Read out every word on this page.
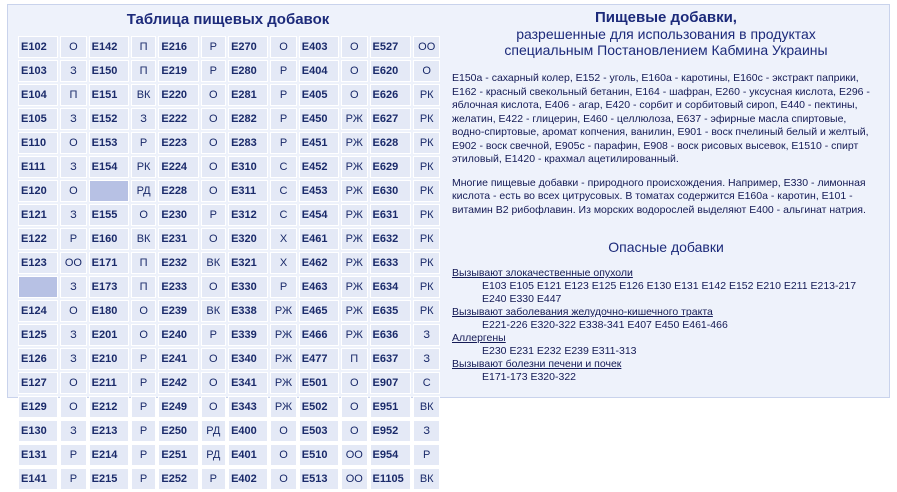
Таблица пищевых добавок
E102	O	E142	П	E216	Р	E270	O	E403	O	E527	OO
E103	З	E150	П	E219	Р	E280	Р	E404	O	E620	O
E104	П	E151	ВК	E220	O	E281	Р	E405	O	E626	РК
E105	З	E152	З	E222	O	E282	Р	E450	РЖ	E627	РК
E110	O	E153	Р	E223	O	E283	Р	E451	РЖ	E628	РК
E111	З	E154	РК	E224	O	E310	С	E452	РЖ	E629	РК
E120	O		РД	E228	O	E311	С	E453	РЖ	E630	РК
E121	З	E155	O	E230	Р	E312	С	E454	РЖ	E631	РК
E122	Р	E160	ВК	E231	O	E320	Х	E461	РЖ	E632	РК
E123	OO	E171	П	E232	ВК	E321	Х	E462	РЖ	E633	РК
	З	E173	П	E233	O	E330	Р	E463	РЖ	E634	РК
E124	O	E180	O	E239	ВК	E338	РЖ	E465	РЖ	E635	РК
E125	З	E201	O	E240	Р	E339	РЖ	E466	РЖ	E636	З
E126	З	E210	Р	E241	O	E340	РЖ	E477	П	E637	З
E127	O	E211	Р	E242	O	E341	РЖ	E501	O	E907	С
E129	O	E212	Р	E249	O	E343	РЖ	E502	O	E951	ВК
E130	З	E213	Р	E250	РД	E400	O	E503	O	E952	З
E131	Р	E214	Р	E251	РД	E401	O	E510	OO	E954	Р
E141	Р	E215	Р	E252	Р	E402	O	E513	OO	E1105	ВК
Пищевые добавки,
разрешенные для использования в продуктах
специальным Постановлением Кабмина Украины
E150a - сахарный колер, E152 - уголь, E160a - каротины, E160c - экстракт паприки, E162 - красный свекольный бетанин, E164 - шафран, E260 - уксусная кислота, E296 - яблочная кислота, E406 - агар, E420 - сорбит и сорбитовый сироп, E440 - пектины, желатин, E422 - глицерин, E460 - целлюлоза, E637 - эфирные масла спиртовые, водно-спиртовые, аромат копчения, ванилин, E901 - воск пчелиный белый и желтый, E902 - воск свечной, E905c - парафин, E908 - воск рисовых высевок, E1510 - спирт этиловый, E1420 - крахмал ацетилированный.
Многие пищевые добавки - природного происхождения. Например, E330 - лимонная кислота - есть во всех цитрусовых. В томатах содержится E160a - каротин, E101 - витамин B2 рибофлавин. Из морских водорослей выделяют E400 - альгинат натрия.
Опасные добавки
Вызывают злокачественные опухоли
E103 E105 E121 E123 E125 E126 E130 E131 E142 E152 E210 E211 E213-217
E240 E330 E447
Вызывают заболевания желудочно-кишечного тракта
E221-226 E320-322 E338-341 E407 E450 E461-466
Аллергены
E230 E231 E232 E239 E311-313
Вызывают болезни печени и почек
E171-173 E320-322
